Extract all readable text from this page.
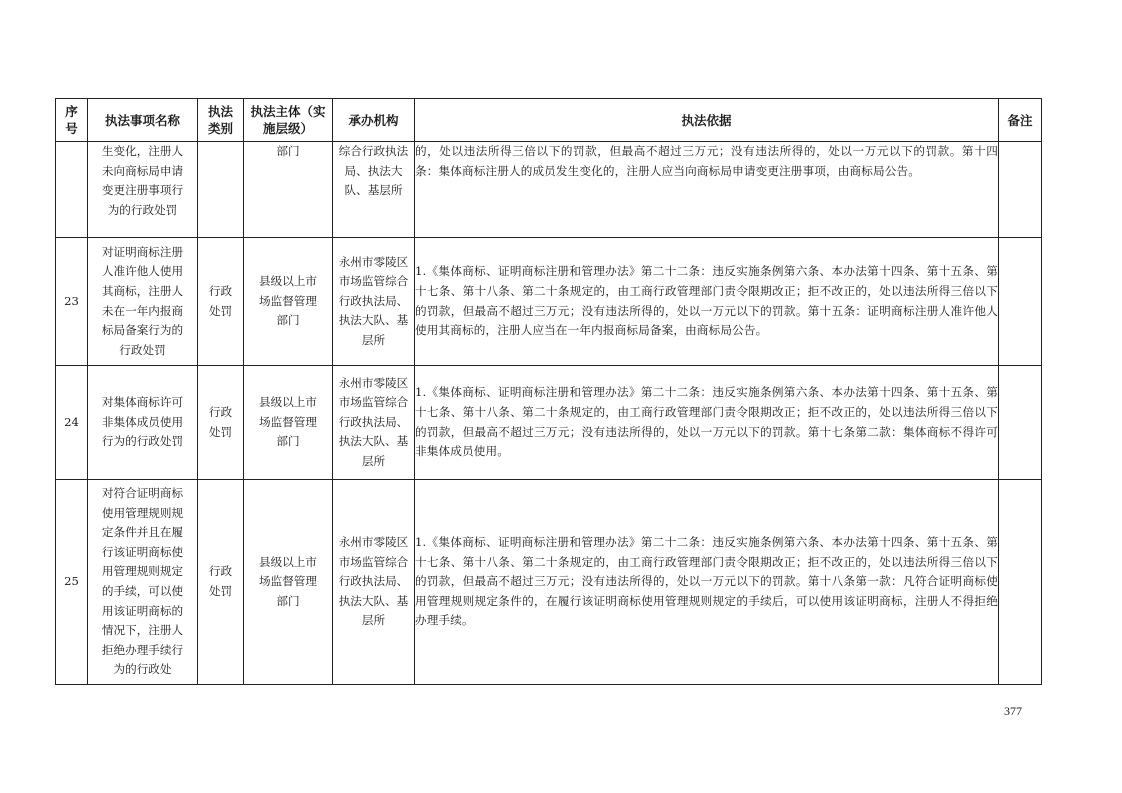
序号	执法事项名称	执法类别	执法主体（实施层级）	承办机构	执法依据	备注
	生变化，注册人未向商标局申请变更注册事项行为的行政处罚		部门	综合行政执法局、执法大队、基层所	的，处以违法所得三倍以下的罚款，但最高不超过三万元；没有违法所得的，处以一万元以下的罚款。第十四条：集体商标注册人的成员发生变化的，注册人应当向商标局申请变更注册事项，由商标局公告。	
23	对证明商标注册人准许他人使用其商标，注册人未在一年内报商标局备案行为的行政处罚	行政处罚	县级以上市场监督管理部门	永州市零陵区市场监管综合行政执法局、执法大队、基层所	1.《集体商标、证明商标注册和管理办法》第二十二条：违反实施条例第六条、本办法第十四条、第十五条、第十七条、第十八条、第二十条规定的，由工商行政管理部门责令限期改正；拒不改正的，处以违法所得三倍以下的罚款，但最高不超过三万元；没有违法所得的，处以一万元以下的罚款。第十五条：证明商标注册人准许他人使用其商标的，注册人应当在一年内报商标局备案，由商标局公告。	
24	对集体商标许可非集体成员使用行为的行政处罚	行政处罚	县级以上市场监督管理部门	永州市零陵区市场监管综合行政执法局、执法大队、基层所	1.《集体商标、证明商标注册和管理办法》第二十二条：违反实施条例第六条、本办法第十四条、第十五条、第十七条、第十八条、第二十条规定的，由工商行政管理部门责令限期改正；拒不改正的，处以违法所得三倍以下的罚款，但最高不超过三万元；没有违法所得的，处以一万元以下的罚款。第十七条第二款：集体商标不得许可非集体成员使用。	
25	对符合证明商标使用管理规则规定条件并且在履行该证明商标使用管理规则规定的手续，可以使用该证明商标的情况下，注册人拒绝办理手续行为的行政处	行政处罚	县级以上市场监督管理部门	永州市零陵区市场监管综合行政执法局、执法大队、基层所	1.《集体商标、证明商标注册和管理办法》第二十二条：违反实施条例第六条、本办法第十四条、第十五条、第十七条、第十八条、第二十条规定的，由工商行政管理部门责令限期改正；拒不改正的，处以违法所得三倍以下的罚款，但最高不超过三万元；没有违法所得的，处以一万元以下的罚款。第十八条第一款：凡符合证明商标使用管理规则规定条件的，在履行该证明商标使用管理规则规定的手续后，可以使用该证明商标，注册人不得拒绝办理手续。	
377
